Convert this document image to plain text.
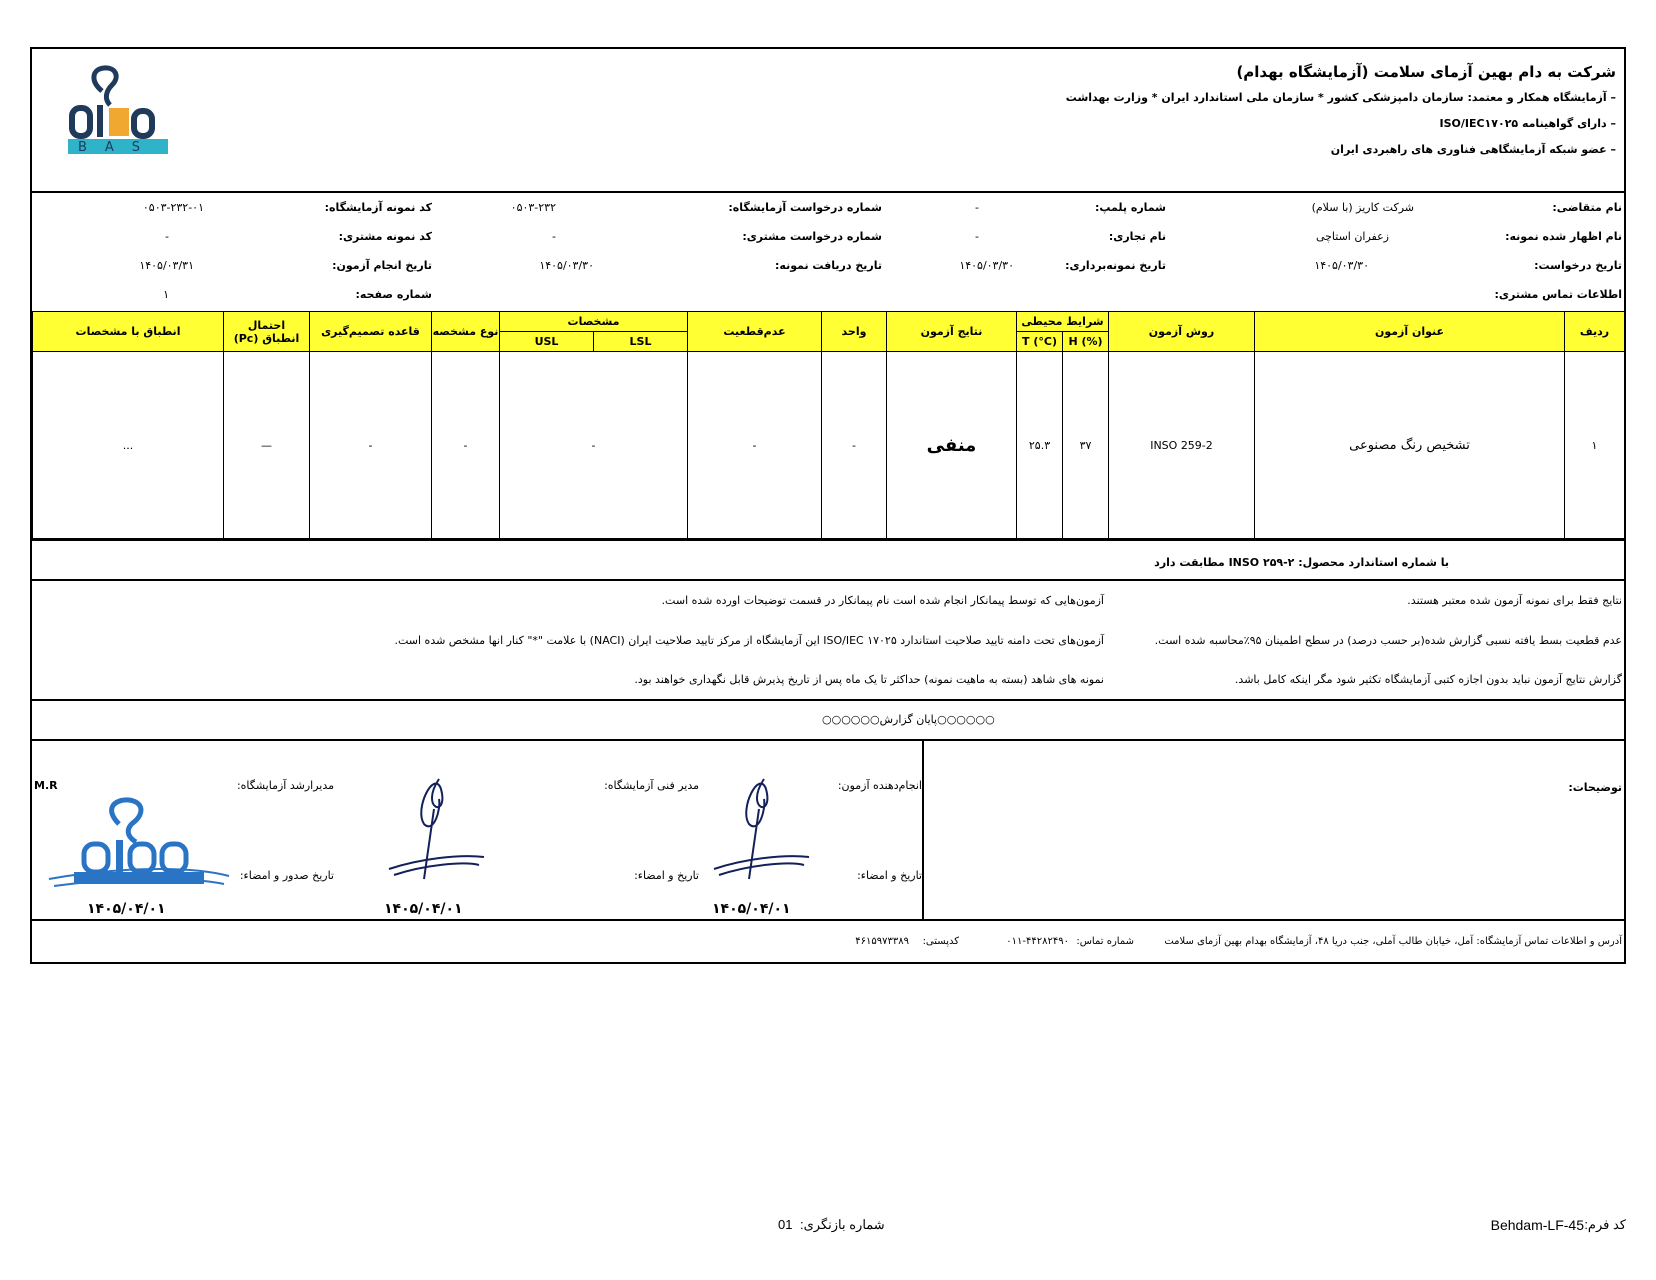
BAS
شرکت به دام بهین آزمای سلامت (آزمایشگاه بهدام)
– آزمایشگاه همکار و معتمد: سازمان دامپزشکی کشور * سازمان ملی استاندارد ایران * وزارت بهداشت
– دارای گواهینامه ISO/IEC۱۷۰۲۵
– عضو شبکه آزمایشگاهی فناوری های راهبردی ایران
نام متقاضی:
شرکت کاریز (با سلام)
نام اظهار شده نمونه:
زعفران استاچی
تاریخ درخواست:
۱۴۰۵/۰۳/۳۰
اطلاعات تماس مشتری:
شماره پلمپ:
-
نام تجاری:
-
تاریخ نمونه‌برداری:
۱۴۰۵/۰۳/۳۰
شماره درخواست آزمایشگاه:
۰۵۰۳-۲۳۲
شماره درخواست مشتری:
-
تاریخ دریافت نمونه:
۱۴۰۵/۰۳/۳۰
کد نمونه آزمایشگاه:
۰۵۰۳-۲۳۲-۰۱
کد نمونه مشتری:
-
تاریخ انجام آزمون:
۱۴۰۵/۰۳/۳۱
شماره صفحه:
۱
ردیف	عنوان آزمون	روش آزمون	شرایط محیطی		نتایج آزمون	واحد	عدم‌قطعیت	مشخصات		نوع مشخصه	قاعده تصمیم‌گیری	احتمال انطباق (Pc)	انطباق با مشخصات
			H (%)	T (°C)				LSL	USL				
۱	تشخیص رنگ مصنوعی	INSO 259-2	۳۷	۲۵.۳	منفی	-	-	-		-	-	—	...
با شماره استاندارد محصول: INSO ۲۵۹-۲ مطابقت دارد
نتایج فقط برای نمونه آزمون شده معتبر هستند.
عدم قطعیت بسط یافته نسبی گزارش شده(بر حسب درصد) در سطح اطمینان ۹۵٪محاسبه شده است.
گزارش نتایج آزمون نباید بدون اجازه کتبی آزمایشگاه تکثیر شود مگر اینکه کامل باشد.
آزمون‌هایی که توسط پیمانکار انجام شده است نام پیمانکار در قسمت توضیحات اورده شده است.
آزمون‌های تحت دامنه تایید صلاحیت استاندارد ISO/IEC ۱۷۰۲۵ این آزمایشگاه از مرکز تایید صلاحیت ایران (NACI) با علامت "*" کنار انها مشخص شده است.
نمونه های شاهد (بسته به ماهیت نمونه) حداکثر تا یک ماه پس از تاریخ پذیرش قابل نگهداری خواهند بود.
○○○○○○پایان گزارش○○○○○○
توضیحات:
انجام‌دهنده آزمون:
تاریخ و امضاء:
مدیر فنی آزمایشگاه:
تاریخ و امضاء:
مدیرارشد آزمایشگاه:
تاریخ صدور و امضاء:
M.R
۱۴۰۵/۰۴/۰۱
۱۴۰۵/۰۴/۰۱
۱۴۰۵/۰۴/۰۱
آدرس و اطلاعات تماس آزمایشگاه: آمل، خیابان طالب آملی، جنب دریا ۴۸، آزمایشگاه بهدام بهین آزمای سلامت
شماره تماس:
۰۱۱-۴۴۲۸۲۴۹۰
کدپستی:
۴۶۱۵۹۷۳۳۸۹
کد فرم:
Behdam-LF-45
شماره بازنگری:
01
